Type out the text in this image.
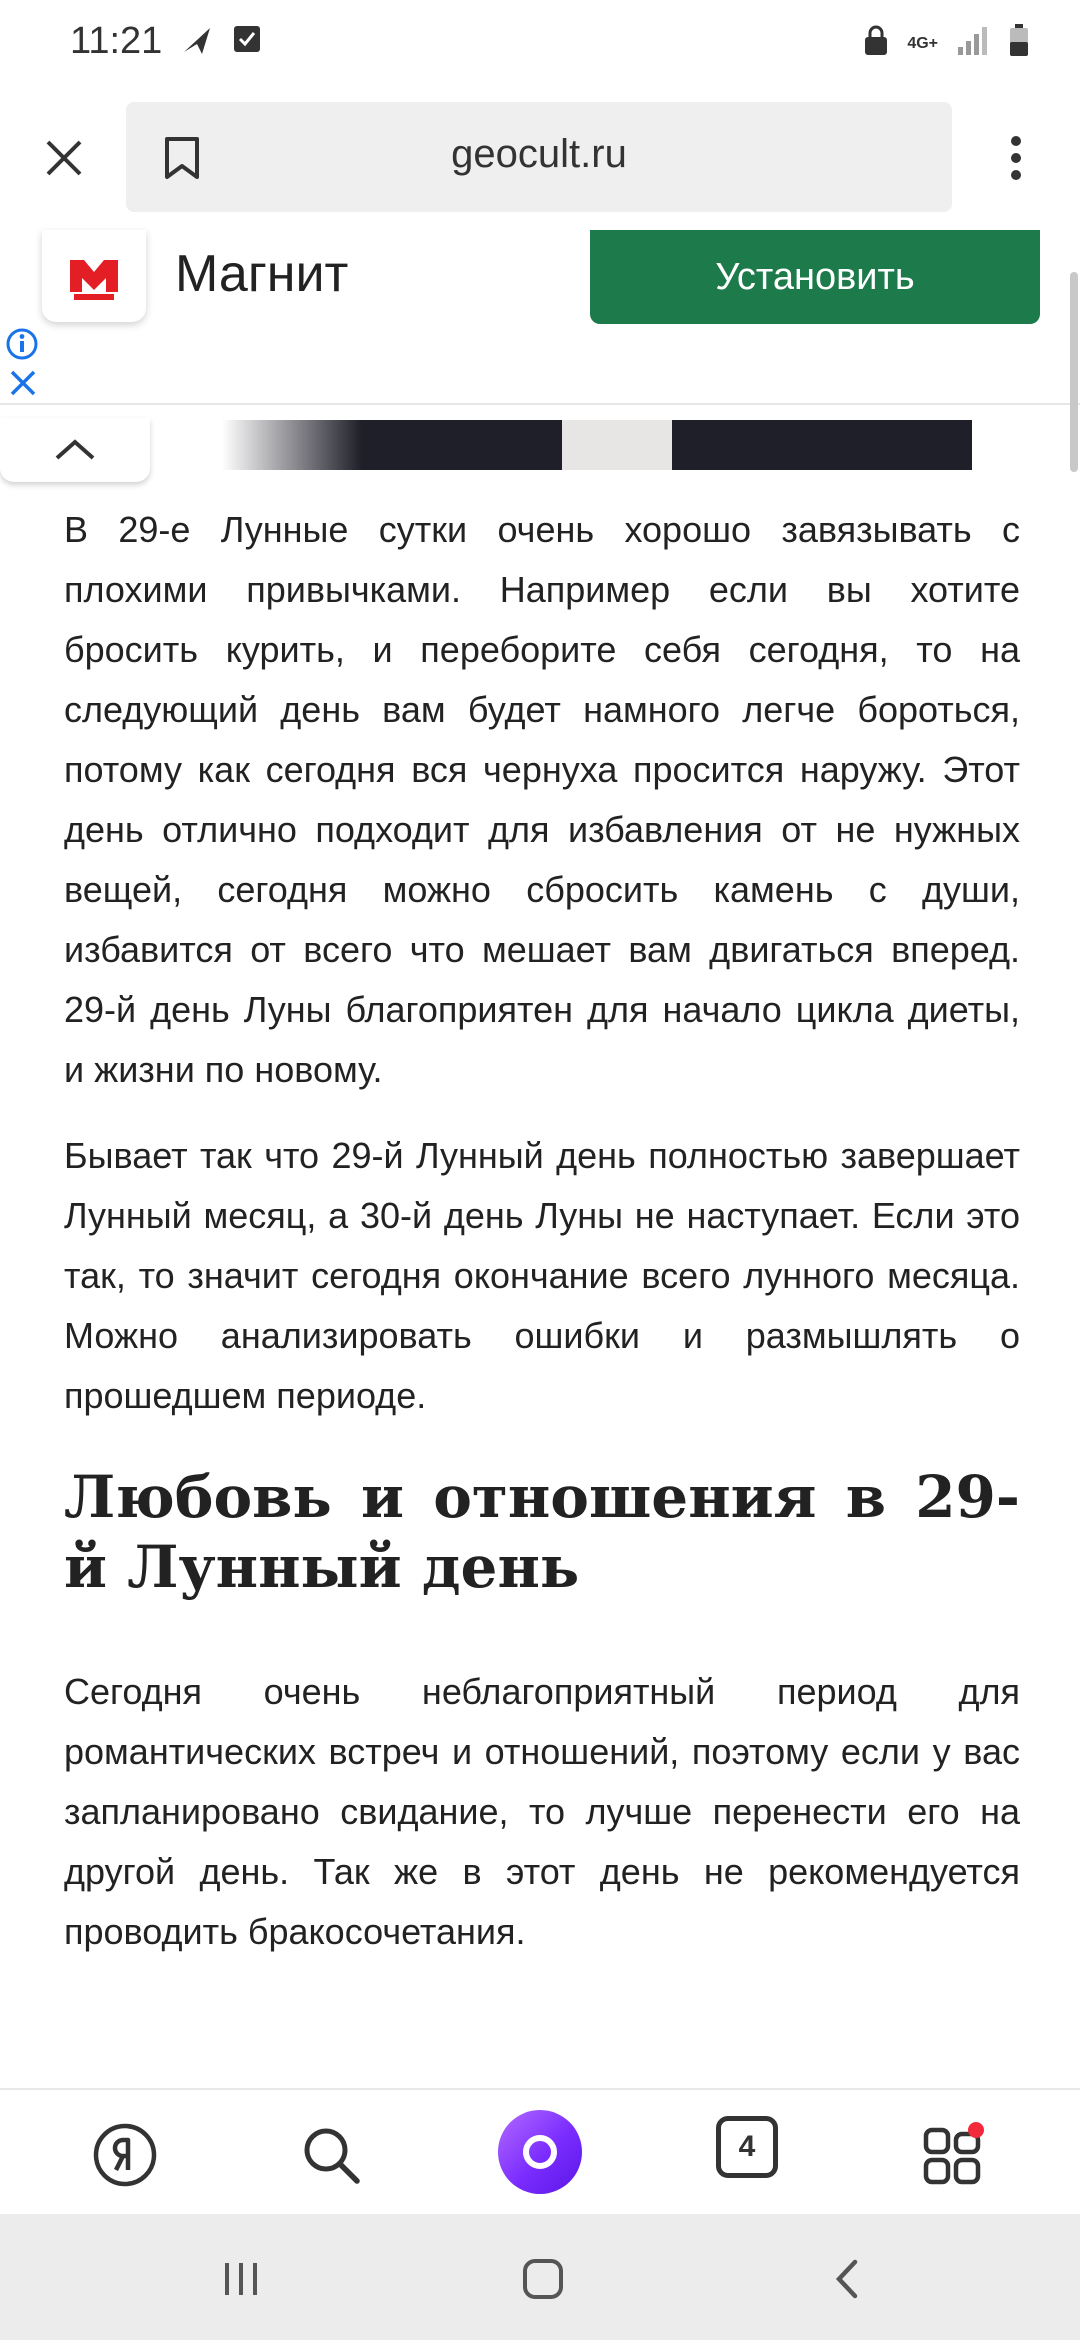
11:21	4G+
geocult.ru
Магнит	Установить

В 29-е Лунные сутки очень хорошо завязывать с плохими привычками. Например если вы хотите бросить курить, и переборите себя сегодня, то на следующий день вам будет намного легче бороться, потому как сегодня вся чернуха просится наружу. Этот день отлично подходит для избавления от не нужных вещей, сегодня можно сбросить камень с души, избавится от всего что мешает вам двигаться вперед. 29-й день Луны благоприятен для начало цикла диеты, и жизни по новому.

Бывает так что 29-й Лунный день полностью завершает Лунный месяц, а 30-й день Луны не наступает. Если это так, то значит сегодня окончание всего лунного месяца. Можно анализировать ошибки и размышлять о прошедшем периоде.

Любовь и отношения в 29-й Лунный день

Сегодня очень неблагоприятный период для романтических встреч и отношений, поэтому если у вас запланировано свидание, то лучше перенести его на другой день. Так же в этот день не рекомендуется проводить бракосочетания.

4
